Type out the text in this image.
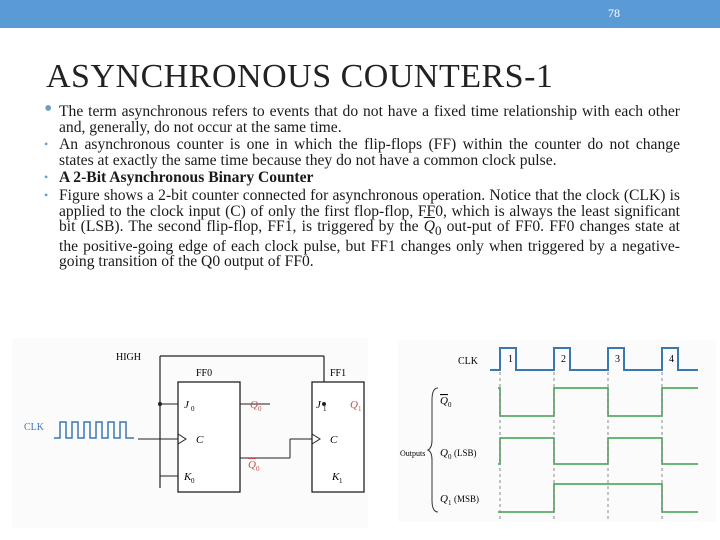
78
ASYNCHRONOUS COUNTERS-1
• The term asynchronous refers to events that do not have a fixed time relationship with each other and, generally, do not occur at the same time.
• An asynchronous counter is one in which the flip-flops (FF) within the counter do not change states at exactly the same time because they do not have a common clock pulse.
• A 2-Bit Asynchronous Binary Counter
• Figure shows a 2-bit counter connected for asynchronous operation. Notice that the clock (CLK) is applied to the clock input (C) of only the first flop-flop, FF0, which is always the least significant bit (LSB). The second flip-flop, FF1, is triggered by the $\overline{Q}_0$ out-put of FF0. FF0 changes state at the positive-going edge of each clock pulse, but FF1 changes only when triggered by a negative-going transition of the Q0 output of FF0.
HIGH
FF0
J 0
K 0
C
CLK
Q 0
Q 0
FF1
J 1
K 1
C
Q 1
CLK	1	2	3	4
Q 0
Q 0 (LSB)
Q 1 (MSB)
Outputs
